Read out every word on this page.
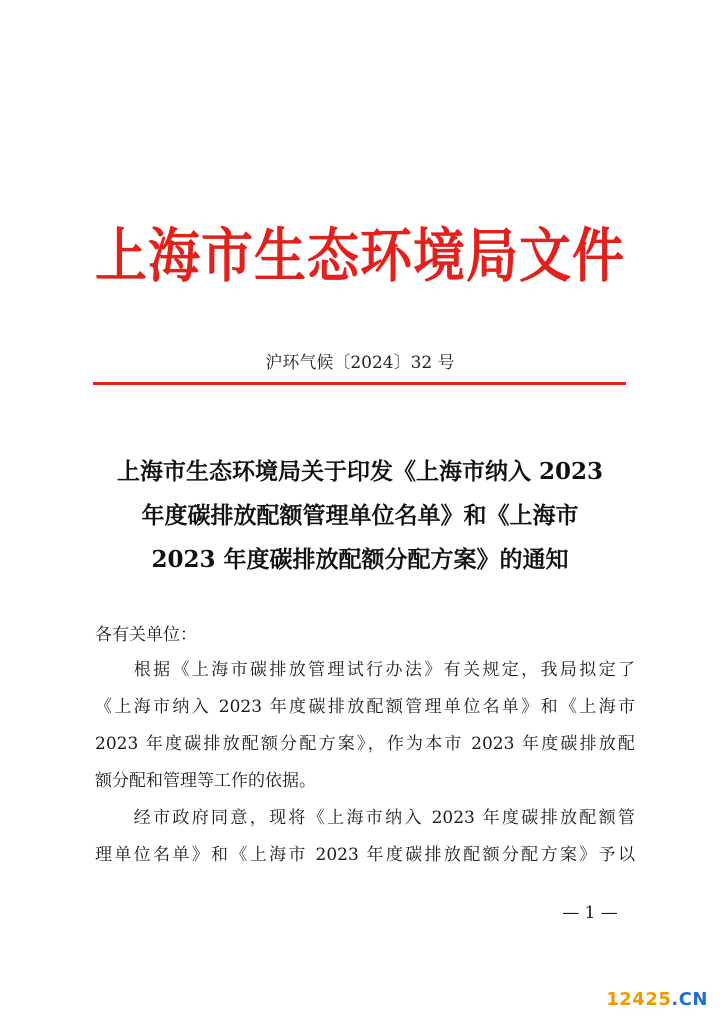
上海市生态环境局文件
沪环气候〔2024〕32 号
上海市生态环境局关于印发《上海市纳入 2023
年度碳排放配额管理单位名单》和《上海市
2023 年度碳排放配额分配方案》的通知
各有关单位：
　　根据《上海市碳排放管理试行办法》有关规定，我局拟定了
《上海市纳入 2023 年度碳排放配额管理单位名单》和《上海市
2023 年度碳排放配额分配方案》，作为本市 2023 年度碳排放配
额分配和管理等工作的依据。
　　经市政府同意，现将《上海市纳入 2023 年度碳排放配额管
理单位名单》和《上海市 2023 年度碳排放配额分配方案》予以
— 1 —
12425.CN
